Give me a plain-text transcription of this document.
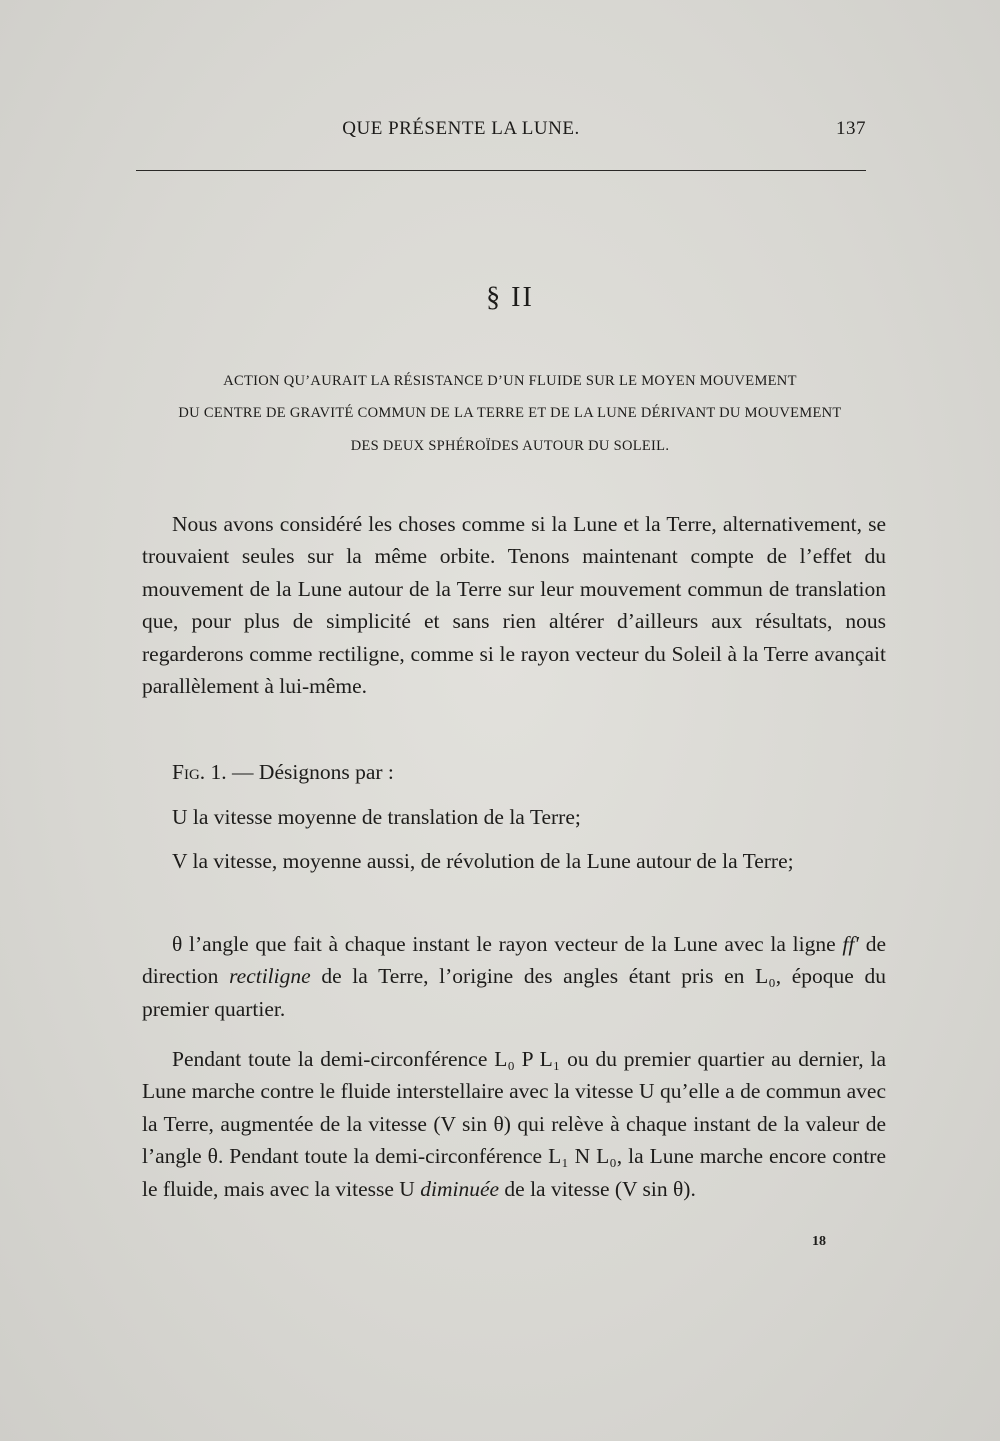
QUE PRÉSENTE LA LUNE.	137
§ II
ACTION QU’AURAIT LA RÉSISTANCE D’UN FLUIDE SUR LE MOYEN MOUVEMENT
DU CENTRE DE GRAVITÉ COMMUN DE LA TERRE ET DE LA LUNE DÉRIVANT DU MOUVEMENT
DES DEUX SPHÉROÏDES AUTOUR DU SOLEIL.

Nous avons considéré les choses comme si la Lune et la Terre, alternativement, se trouvaient seules sur la même orbite. Tenons maintenant compte de l’effet du mouvement de la Lune autour de la Terre sur leur mouvement commun de translation que, pour plus de simplicité et sans rien altérer d’ailleurs aux résultats, nous regarderons comme rectiligne, comme si le rayon vecteur du Soleil à la Terre avançait parallèlement à lui-même.

Fig. 1. — Désignons par :

U la vitesse moyenne de translation de la Terre;

V la vitesse, moyenne aussi, de révolution de la Lune autour de la Terre;

θ l’angle que fait à chaque instant le rayon vecteur de la Lune avec la ligne ff′ de direction rectiligne de la Terre, l’origine des angles étant pris en L₀, époque du premier quartier.

Pendant toute la demi-circonférence L₀ P L₁ ou du premier quartier au dernier, la Lune marche contre le fluide interstellaire avec la vitesse U qu’elle a de commun avec la Terre, augmentée de la vitesse (V sin θ) qui relève à chaque instant de la valeur de l’angle θ. Pendant toute la demi-circonférence L₁ N L₀, la Lune marche encore contre le fluide, mais avec la vitesse U diminuée de la vitesse (V sin θ).

18
